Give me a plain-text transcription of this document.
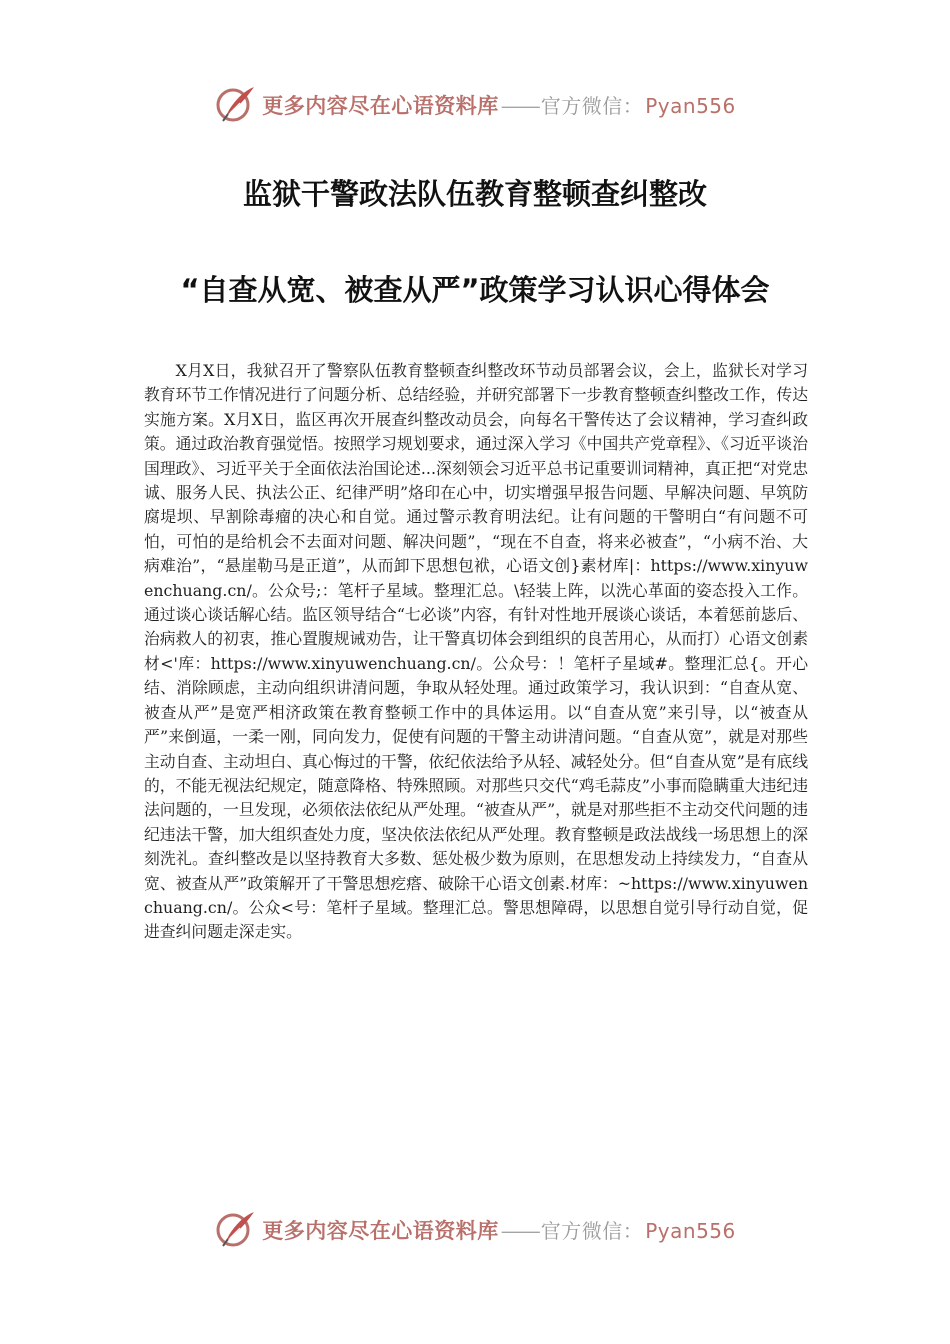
更多内容尽在心语资料库—— 官方微信： Pyan556
监狱干警政法队伍教育整顿查纠整改
“自查从宽、被查从严”政策学习认识心得体会

X月X日，我狱召开了警察队伍教育整顿查纠整改环节动员部署会议，会上，监狱长对学习教育环节工作情况进行了问题分析、总结经验，并研究部署下一步教育整顿查纠整改工作，传达实施方案。X月X日，监区再次开展查纠整改动员会，向每名干警传达了会议精神，学习查纠政策。通过政治教育强觉悟。按照学习规划要求，通过深入学习《中国共产党章程》、《习近平谈治国理政》、习近平关于全面依法治国论述...深刻领会习近平总书记重要训词精神，真正把“对党忠诚、服务人民、执法公正、纪律严明”烙印在心中，切实增强早报告问题、早解决问题、早筑防腐堤坝、早割除毒瘤的决心和自觉。通过警示教育明法纪。让有问题的干警明白“有问题不可怕，可怕的是给机会不去面对问题、解决问题”，“现在不自查，将来必被查”，“小病不治、大病难治”，“悬崖勒马是正道”，从而卸下思想包袱，心语文创}素材库|：https://www.xinyuwenchuang.cn/。公众号;：笔杆子星域。整理汇总。\轻装上阵，以洗心革面的姿态投入工作。通过谈心谈话解心结。监区领导结合“七必谈”内容，有针对性地开展谈心谈话，本着惩前毖后、治病救人的初衷，推心置腹规诫劝告，让干警真切体会到组织的良苦用心，从而打）心语文创素材<'库：https://www.xinyuwenchuang.cn/。公众号：！笔杆子星域#。整理汇总{。开心结、消除顾虑，主动向组织讲清问题，争取从轻处理。通过政策学习，我认识到：“自查从宽、被查从严”是宽严相济政策在教育整顿工作中的具体运用。以“自查从宽”来引导，以“被查从严”来倒逼，一柔一刚，同向发力，促使有问题的干警主动讲清问题。“自查从宽”，就是对那些主动自查、主动坦白、真心悔过的干警，依纪依法给予从轻、减轻处分。但“自查从宽”是有底线的，不能无视法纪规定，随意降格、特殊照顾。对那些只交代“鸡毛蒜皮”小事而隐瞒重大违纪违法问题的，一旦发现，必须依法依纪从严处理。“被查从严”，就是对那些拒不主动交代问题的违纪违法干警，加大组织查处力度，坚决依法依纪从严处理。教育整顿是政法战线一场思想上的深刻洗礼。查纠整改是以坚持教育大多数、惩处极少数为原则，在思想发动上持续发力，“自查从宽、被查从严”政策解开了干警思想疙瘩、破除干心语文创素.材库：~https://www.xinyuwenchuang.cn/。公众<号：笔杆子星域。整理汇总。警思想障碍，以思想自觉引导行动自觉，促进查纠问题走深走实。

更多内容尽在心语资料库—— 官方微信： Pyan556
